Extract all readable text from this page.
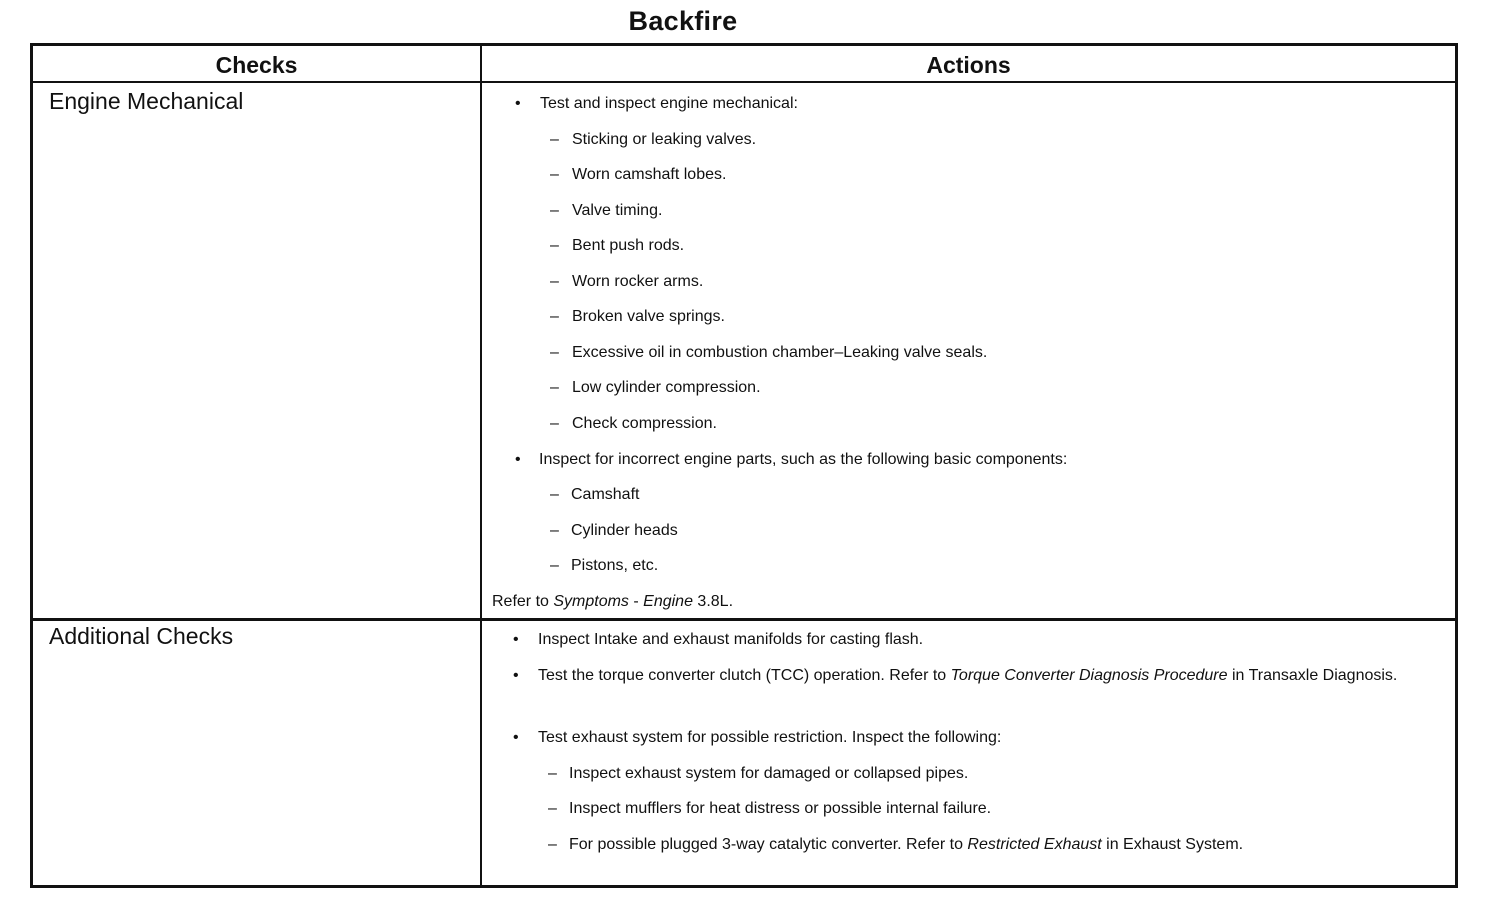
Backfire
Checks	Actions
Engine Mechanical	• Test and inspect engine mechanical:
– Sticking or leaking valves.
– Worn camshaft lobes.
– Valve timing.
– Bent push rods.
– Worn rocker arms.
– Broken valve springs.
– Excessive oil in combustion chamber–Leaking valve seals.
– Low cylinder compression.
– Check compression.
• Inspect for incorrect engine parts, such as the following basic components:
– Camshaft
– Cylinder heads
– Pistons, etc.
Refer to Symptoms - Engine 3.8L.
Additional Checks	• Inspect Intake and exhaust manifolds for casting flash.
• Test the torque converter clutch (TCC) operation. Refer to Torque Converter Diagnosis Procedure in Transaxle Diagnosis.
• Test exhaust system for possible restriction. Inspect the following:
– Inspect exhaust system for damaged or collapsed pipes.
– Inspect mufflers for heat distress or possible internal failure.
– For possible plugged 3-way catalytic converter. Refer to Restricted Exhaust in Exhaust System.
